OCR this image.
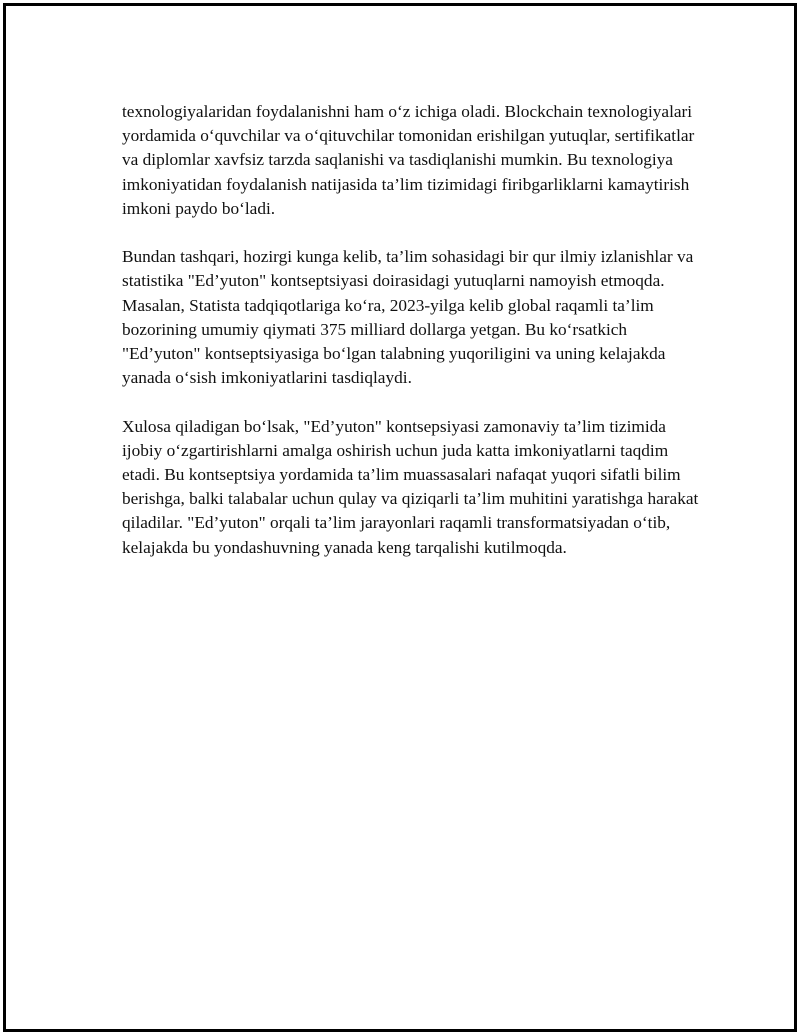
texnologiyalaridan foydalanishni ham o‘z ichiga oladi. Blockchain texnologiyalari yordamida o‘quvchilar va o‘qituvchilar tomonidan erishilgan yutuqlar, sertifikatlar va diplomlar xavfsiz tarzda saqlanishi va tasdiqlanishi mumkin. Bu texnologiya imkoniyatidan foydalanish natijasida ta’lim tizimidagi firibgarliklarni kamaytirish imkoni paydo bo‘ladi.

Bundan tashqari, hozirgi kunga kelib, ta’lim sohasidagi bir qur ilmiy izlanishlar va statistika "Ed’yuton" kontseptsiyasi doirasidagi yutuqlarni namoyish etmoqda. Masalan, Statista tadqiqotlariga ko‘ra, 2023-yilga kelib global raqamli ta’lim bozorining umumiy qiymati 375 milliard dollarga yetgan. Bu ko‘rsatkich "Ed’yuton" kontseptsiyasiga bo‘lgan talabning yuqoriligini va uning kelajakda yanada o‘sish imkoniyatlarini tasdiqlaydi.

Xulosa qiladigan bo‘lsak, "Ed’yuton" kontsepsiyasi zamonaviy ta’lim tizimida ijobiy o‘zgartirishlarni amalga oshirish uchun juda katta imkoniyatlarni taqdim etadi. Bu kontseptsiya yordamida ta’lim muassasalari nafaqat yuqori sifatli bilim berishga, balki talabalar uchun qulay va qiziqarli ta’lim muhitini yaratishga harakat qiladilar. "Ed’yuton" orqali ta’lim jarayonlari raqamli transformatsiyadan o‘tib, kelajakda bu yondashuvning yanada keng tarqalishi kutilmoqda.
